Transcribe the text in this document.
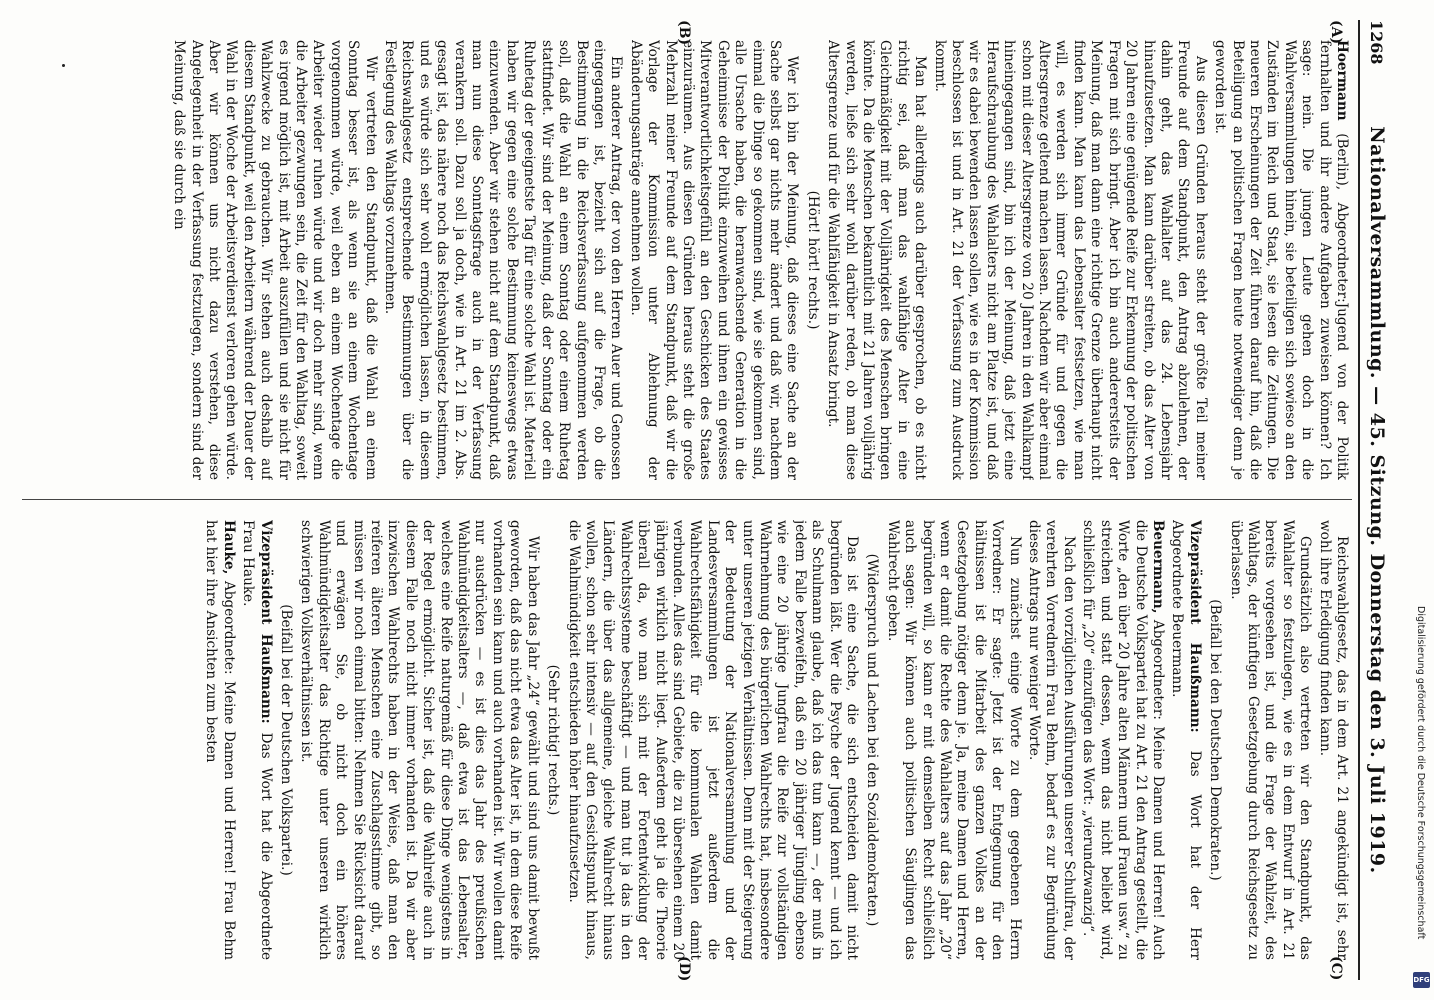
1268
Nationalversammlung. — 45. Sitzung. Donnerstag den 3. Juli 1919.
(A)
(B)
(C)
(D)

Hoermann (Berlin), Abgeordneter:Jugend von der Politik fernhalten und ihr andere Aufgaben zuweisen können? Ich sage: nein. Die jungen Leute gehen doch in die Wahlversammlungen hinein, sie beteiligen sich sowieso an den Zuständen im Reich und Staat, sie lesen die Zeitungen. Die neueren Erscheinungen der Zeit führen darauf hin, daß die Beteiligung an politischen Fragen heute notwendiger denn je geworden ist.

Aus diesen Gründen heraus steht der größte Teil meiner Freunde auf dem Standpunkt, den Antrag abzulehnen, der dahin geht, das Wahlalter auf das 24. Lebensjahr hinaufzusetzen. Man kann darüber streiten, ob das Alter von 20 Jahren eine genügende Reife zur Erkennung der politischen Fragen mit sich bringt. Aber ich bin auch anderersteits der Meinung, daß man dann eine richtige Grenze überhaupt nicht finden kann. Man kann das Lebensalter festsetzen, wie man will, es werden sich immer Gründe für und gegen die Altersgrenze geltend machen lassen. Nachdem wir aber einmal schon mit dieser Altersgrenze von 20 Jahren in den Wahlkampf hineingegangen sind, bin ich der Meinung, daß jetzt eine Heraufschraubung des Wahlalters nicht am Platze ist, und daß wir es dabei bewenden lassen sollen, wie es in der Kommission beschlossen ist und in Art. 21 der Verfassung zum Ausdruck kommt.

Man hat allerdings auch darüber gesprochen, ob es nicht richtig sei, daß man das wahlfähige Alter in eine Gleichmäßigkeit mit der Volljährigkeit des Menschen bringen könnte. Da die Menschen bekanntlich mit 21 Jahren volljährig werden, ließe sich sehr wohl darüber reden, ob man diese Altersgrenze und für die Wahlfähigkeit in Ansatz bringt.

(Hört! hört! rechts.)

Wer ich bin der Meinung, daß dieses eine Sache an der Sache selbst gar nichts mehr ändert und daß wir, nachdem einmal die Dinge so gekommen sind, wie sie gekommen sind, alle Ursache haben, die heranwachsende Generation in die Geheimnisse der Politik einzuweihen und ihnen ein gewisses Mitverantwortlichkeitsgefühl an den Geschicken des Staates einzuräumen. Aus diesen Gründen heraus steht die große Mehrzahl meiner Freunde auf dem Standpunkt, daß wir die Vorlage der Kommission unter Ablehnung der Abänderungsanträge annehmen wollen.

Ein anderer Antrag, der von den Herren Auer und Genossen eingegangen ist, bezieht sich auf die Frage, ob die Bestimmung in die Reichsverfassung aufgenommen werden soll, daß die Wahl an einem Sonntag oder einem Ruhetag stattfindet. Wir sind der Meinung, daß der Sonntag oder ein Ruhetag der geeignetste Tag für eine solche Wahl ist. Materiell haben wir gegen eine solche Bestimmung keineswegs etwas einzuwenden. Aber wir stehen nicht auf dem Standpunkt, daß man nun diese Sonntagsfrage auch in der Verfassung verankern soll. Dazu soll ja doch, wie in Art. 21 im 2. Abs. gesagt ist, das nähere noch das Reichswahlgesetz bestimmen, und es würde sich sehr wohl ermöglichen lassen, in diesem Reichswahlgesetz entsprechende Bestimmungen über die Festlegung des Wahltags vorzunehmen.

Wir vertreten den Standpunkt, daß die Wahl an einem Sonntag besser ist, als wenn sie an einem Wochentage vorgenommen würde, weil eben an einem Wochentage die Arbeiter wieder ruhen würde und wir doch mehr sind, wenn die Arbeiter gezwungen sein, die Zeit für den Wahltag, soweit es irgend möglich ist, mit Arbeit auszufüllen und sie nicht für Wahlzwecke zu gebrauchen. Wir stehen auch deshalb auf diesem Standpunkt, weil den Arbeitern während der Dauer der Wahl in der Woche der Arbeitsverdienst verloren gehen würde. Aber wir können uns nicht dazu verstehen, diese Angelegenheit in der Verfassung festzulegen, sondern sind der Meinung, daß sie durch ein

Reichswahlgesetz, das in dem Art. 21 angekündigt ist, sehr wohl ihre Erledigung finden kann.

Grundsätzlich also vertreten wir den Standpunkt, das Wahlalter so festzulegen, wie es in dem Entwurf in Art. 21 bereits vorgesehen ist, und die Frage der Wahlzeit, des Wahltags, der künftigen Gesetzgebung durch Reichsgesetz zu überlassen.

(Beifall bei den Deutschen Demokraten.)

Vizepräsident Haußmann: Das Wort hat der Herr Abgeordnete Beuermann.

Beuermann, Abgeordneter: Meine Damen und Herren! Auch die Deutsche Volkspartei hat zu Art. 21 den Antrag gestellt, die Worte „den über 20 Jahre alten Männern und Frauen usw.“ zu streichen und statt dessen, wenn das nicht beliebt wird, schließlich für „20“ einzufügen das Wort: „vierundzwanzig“.

Nach den vorzüglichen Ausführungen unserer Schulfrau, der verehrten Vorrednerin Frau Behm, bedarf es zur Begründung dieses Antrags nur weniger Worte.

Nun zunächst einige Worte zu dem gegebenen Herrn Vorredner: Er sagte: Jetzt ist der Entgegnung für den hältnissen ist die Mitarbeit des ganzen Volkes an der Gesetzgebung nötiger denn je. Ja, meine Damen und Herren, wenn er damit die Rechte des Wahlalters auf das Jahr „20“ begründen will, so kann er mit demselben Recht schließlich auch sagen: Wir können auch politischen Säuglingen das Wahlrecht geben.

(Widerspruch und Lachen bei den Sozialdemokraten.)

Das ist eine Sache, die sich entscheiden damit nicht begründen läßt. Wer die Psyche der Jugend kennt — und ich als Schulmann glaube, daß ich das tun kann —, der muß in jedem Falle bezweifeln, daß ein 20 jähriger Jüngling ebenso wie eine 20 jährige Jungfrau die Reife zur vollständigen Wahrnehmung des bürgerlichen Wahlrechts hat, insbesondere unter unseren jetzigen Verhältnissen. Denn mit der Steigerung der Bedeutung der Nationalversammlung und der Landesversammlungen ist jetzt außerdem die Wahlrechtsfähigkeit für die kommunalen Wahlen damit verbunden. Alles das sind Gebiete, die zu übersehen einem 20 jährigen wirklich nicht liegt. Außerdem geht ja die Theorie überall da, wo man sich mit der Fortentwicklung der Wahlrechtssysteme beschäftigt — und man tut ja das in den Ländern, die über das allgemeine, gleiche Wahlrecht hinaus wollen, schon sehr intensiv — auf den Gesichtspunkt hinaus, die Wahlmündigkeit entschieden höher hinaufzusetzen.

(Sehr richtig! rechts.)

Wir haben das Jahr „24“ gewählt und sind uns damit bewußt geworden, daß das nicht etwa das Alter ist, in dem diese Reife vorhanden sein kann und auch vorhanden ist. Wir wollen damit nur ausdrücken — es ist dies das Jahr des preußischen Wahlmündigkeitsalters —, daß etwa ist das Lebensalter, welches eine Reife naturgemäß für diese Dinge wenigstens in der Regel ermöglicht. Sicher ist, daß die Wahlreife auch in diesem Falle noch nicht immer vorhanden ist. Da wir aber inzwischen Wahlrechts haben in der Weise, daß man den reiferen älteren Menschen eine Zuschlagsstimme gibt, so müssen wir noch einmal bitten: Nehmen Sie Rücksicht darauf und erwägen Sie, ob nicht doch ein höheres Wahlmündigkeitsalter das Richtige unter unseren wirklich schwierigen Volksverhältnissen ist.

(Beifall bei der Deutschen Volkspartei.)

Vizepräsident Haußmann: Das Wort hat die Abgeordnete Frau Hauke.

Hauke, Abgeordnete: Meine Damen und Herren! Frau Behm hat hier ihre Ansichten zum besten	Digitalisierung gefördert durch die Deutsche Forschungsgemeinschaft
DFG
